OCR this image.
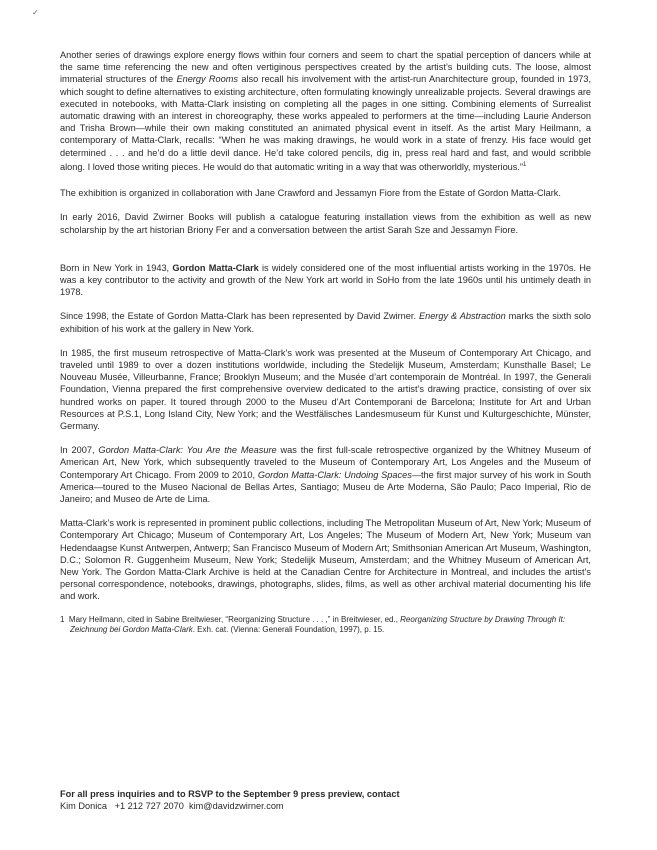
✓

Another series of drawings explore energy flows within four corners and seem to chart the spatial perception of dancers while at the same time referencing the new and often vertiginous perspectives created by the artist’s building cuts. The loose, almost immaterial structures of the Energy Rooms also recall his involvement with the artist-run Anarchitecture group, founded in 1973, which sought to define alternatives to existing architecture, often formulating knowingly unrealizable projects. Several drawings are executed in notebooks, with Matta-Clark insisting on completing all the pages in one sitting. Combining elements of Surrealist automatic drawing with an interest in choreography, these works appealed to performers at the time—including Laurie Anderson and Trisha Brown—while their own making constituted an animated physical event in itself. As the artist Mary Heilmann, a contemporary of Matta-Clark, recalls: “When he was making drawings, he would work in a state of frenzy. His face would get determined . . . and he’d do a little devil dance. He’d take colored pencils, dig in, press real hard and fast, and would scribble along. I loved those writing pieces. He would do that automatic writing in a way that was otherworldly, mysterious.”$^1$

The exhibition is organized in collaboration with Jane Crawford and Jessamyn Fiore from the Estate of Gordon Matta-Clark.

In early 2016, David Zwirner Books will publish a catalogue featuring installation views from the exhibition as well as new scholarship by the art historian Briony Fer and a conversation between the artist Sarah Sze and Jessamyn Fiore.

Born in New York in 1943, Gordon Matta-Clark is widely considered one of the most influential artists working in the 1970s. He was a key contributor to the activity and growth of the New York art world in SoHo from the late 1960s until his untimely death in 1978.

Since 1998, the Estate of Gordon Matta-Clark has been represented by David Zwirner. Energy & Abstraction marks the sixth solo exhibition of his work at the gallery in New York.

In 1985, the first museum retrospective of Matta-Clark’s work was presented at the Museum of Contemporary Art Chicago, and traveled until 1989 to over a dozen institutions worldwide, including the Stedelijk Museum, Amsterdam; Kunsthalle Basel; Le Nouveau Musée, Villeurbanne, France; Brooklyn Museum; and the Musée d’art contemporain de Montréal. In 1997, the Generali Foundation, Vienna prepared the first comprehensive overview dedicated to the artist’s drawing practice, consisting of over six hundred works on paper. It toured through 2000 to the Museu d’Art Contemporani de Barcelona; Institute for Art and Urban Resources at P.S.1, Long Island City, New York; and the Westfälisches Landesmuseum für Kunst und Kulturgeschichte, Münster, Germany.

In 2007, Gordon Matta-Clark: You Are the Measure was the first full-scale retrospective organized by the Whitney Museum of American Art, New York, which subsequently traveled to the Museum of Contemporary Art, Los Angeles and the Museum of Contemporary Art Chicago. From 2009 to 2010, Gordon Matta-Clark: Undoing Spaces—the first major survey of his work in South America—toured to the Museo Nacional de Bellas Artes, Santiago; Museu de Arte Moderna, São Paulo; Paco Imperial, Rio de Janeiro; and Museo de Arte de Lima.

Matta-Clark’s work is represented in prominent public collections, including The Metropolitan Museum of Art, New York; Museum of Contemporary Art Chicago; Museum of Contemporary Art, Los Angeles; The Museum of Modern Art, New York; Museum van Hedendaagse Kunst Antwerpen, Antwerp; San Francisco Museum of Modern Art; Smithsonian American Art Museum, Washington, D.C.; Solomon R. Guggenheim Museum, New York; Stedelijk Museum, Amsterdam; and the Whitney Museum of American Art, New York. The Gordon Matta-Clark Archive is held at the Canadian Centre for Architecture in Montreal, and includes the artist’s personal correspondence, notebooks, drawings, photographs, slides, films, as well as other archival material documenting his life and work.

1 Mary Heilmann, cited in Sabine Breitwieser, “Reorganizing Structure . . . ,” in Breitwieser, ed., Reorganizing Structure by Drawing Through It: Zeichnung bei Gordon Matta-Clark. Exh. cat. (Vienna: Generali Foundation, 1997), p. 15.

For all press inquiries and to RSVP to the September 9 press preview, contact
Kim Donica +1 212 727 2070 kim@davidzwirner.com
